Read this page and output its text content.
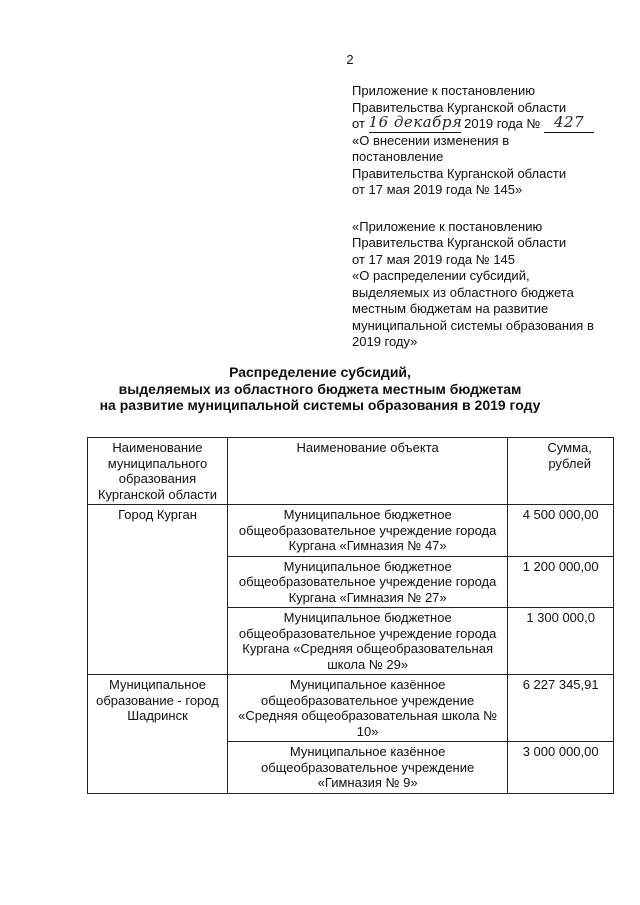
2
Приложение к постановлению
Правительства Курганской области
от 16 декабря 2019 года № 427
«О внесении изменения в
постановление
Правительства Курганской области
от 17 мая 2019 года № 145»
«Приложение к постановлению
Правительства Курганской области
от 17 мая 2019 года № 145
«О распределении субсидий,
выделяемых из областного бюджета
местным бюджетам на развитие
муниципальной системы образования в
2019 году»
Распределение субсидий,
выделяемых из областного бюджета местным бюджетам
на развитие муниципальной системы образования в 2019 году
Наименование муниципального образования Курганской области	Наименование объекта	Сумма,
рублей

Город Курган	Муниципальное бюджетное общеобразовательное учреждение города Кургана «Гимназия № 47»	4 500 000,00
	Муниципальное бюджетное общеобразовательное учреждение города Кургана «Гимназия № 27»	1 200 000,00
	Муниципальное бюджетное общеобразовательное учреждение города Кургана «Средняя общеобразовательная школа № 29»	1 300 000,0
Муниципальное образование - город Шадринск	Муниципальное казённое общеобразовательное учреждение «Средняя общеобразовательная школа № 10»	6 227 345,91
	Муниципальное казённое общеобразовательное учреждение «Гимназия № 9»	3 000 000,00
